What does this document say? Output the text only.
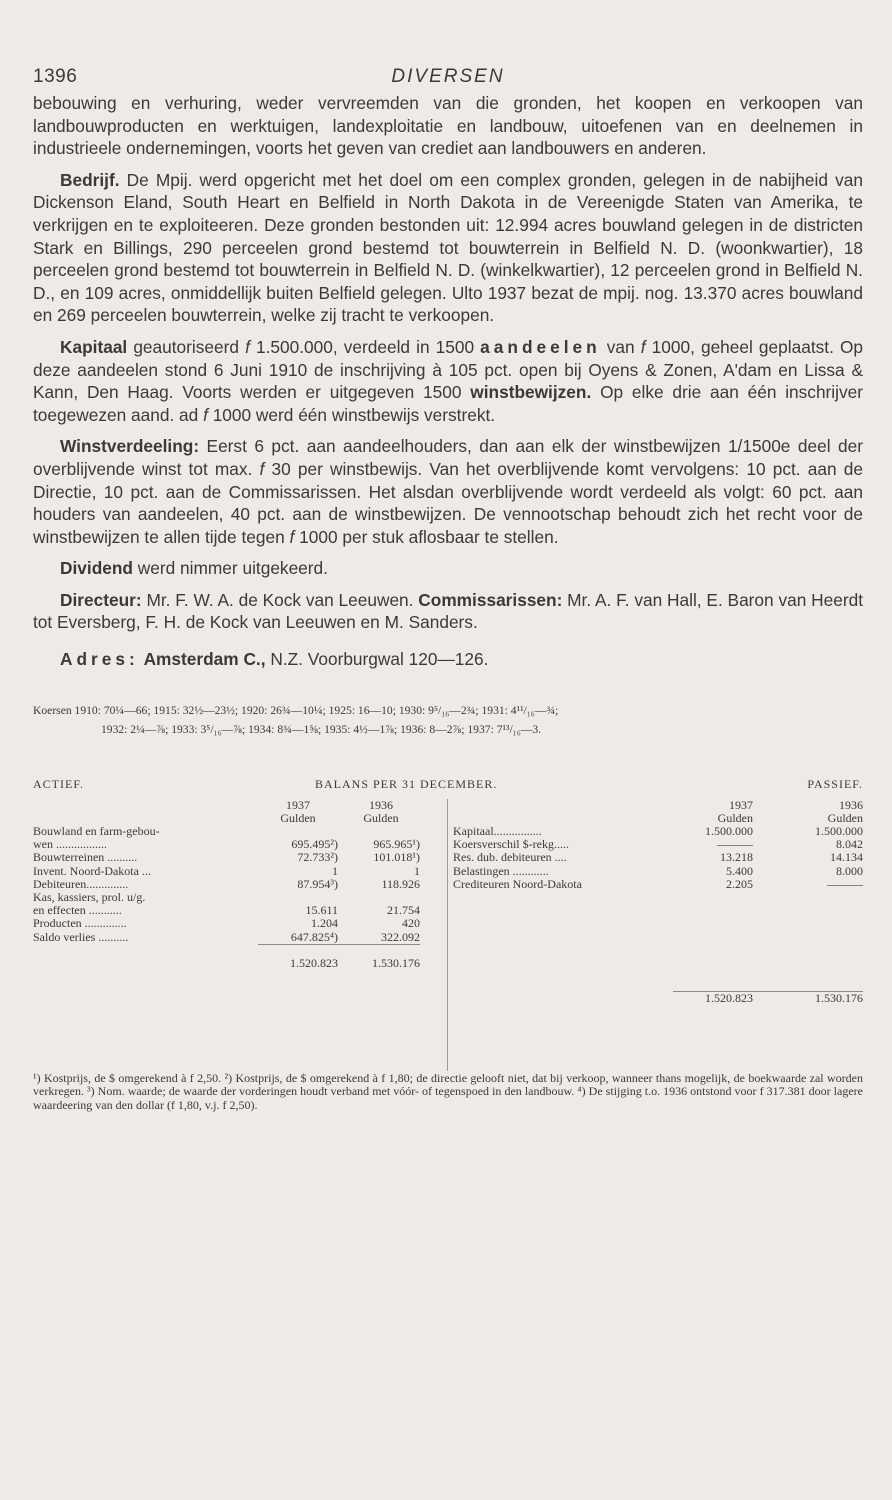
1396	DIVERSEN

bebouwing en verhuring, weder vervreemden van die gronden, het koopen en verkoopen van landbouwproducten en werktuigen, landexploitatie en landbouw, uitoefenen van en deelnemen in industrieele ondernemingen, voorts het geven van crediet aan landbouwers en anderen.

Bedrijf. De Mpij. werd opgericht met het doel om een complex gronden, gelegen in de nabijheid van Dickenson Eland, South Heart en Belfield in North Dakota in de Vereenigde Staten van Amerika, te verkrijgen en te exploiteeren. Deze gronden bestonden uit: 12.994 acres bouwland gelegen in de districten Stark en Billings, 290 perceelen grond bestemd tot bouwterrein in Belfield N. D. (woonkwartier), 18 perceelen grond bestemd tot bouwterrein in Belfield N. D. (winkelkwartier), 12 perceelen grond in Belfield N. D., en 109 acres, onmiddellijk buiten Belfield gelegen. Ulto 1937 bezat de mpij. nog. 13.370 acres bouwland en 269 perceelen bouwterrein, welke zij tracht te verkoopen.

Kapitaal geautoriseerd f 1.500.000, verdeeld in 1500 aandeelen van f 1000, geheel geplaatst. Op deze aandeelen stond 6 Juni 1910 de inschrijving à 105 pct. open bij Oyens & Zonen, A'dam en Lissa & Kann, Den Haag. Voorts werden er uitgegeven 1500 winstbewijzen. Op elke drie aan één inschrijver toegewezen aand. ad f 1000 werd één winstbewijs verstrekt.

Winstverdeeling: Eerst 6 pct. aan aandeelhouders, dan aan elk der winstbewijzen 1/1500e deel der overblijvende winst tot max. f 30 per winstbewijs. Van het overblijvende komt vervolgens: 10 pct. aan de Directie, 10 pct. aan de Commissarissen. Het alsdan overblijvende wordt verdeeld als volgt: 60 pct. aan houders van aandeelen, 40 pct. aan de winstbewijzen. De vennootschap behoudt zich het recht voor de winstbewijzen te allen tijde tegen f 1000 per stuk aflosbaar te stellen.

Dividend werd nimmer uitgekeerd.

Directeur: Mr. F. W. A. de Kock van Leeuwen. Commissarissen: Mr. A. F. van Hall, E. Baron van Heerdt tot Eversberg, F. H. de Kock van Leeuwen en M. Sanders.

Adres: Amsterdam C., N.Z. Voorburgwal 120—126.

Koersen 1910: 70¼—66; 1915: 32½—23½; 1920: 26¾—10¼; 1925: 16—10; 1930: 9⁵/₁₆—2¾; 1931: 4¹¹/₁₆—¾;
1932: 2¼—⅞; 1933: 3⁵/₁₆—⅞; 1934: 8¾—1⅝; 1935: 4½—1⅞; 1936: 8—2⅞; 1937: 7¹³/₁₆—3.
ACTIEF.	BALANS PER 31 DECEMBER.	PASSIEF.
	1937	1936
	Gulden	Gulden
Bouwland en farm-gebou-		
wen .................	695.495²)	965.965¹)
Bouwterreinen ..........	72.733²)	101.018¹)
Invent. Noord-Dakota ...	1	1
Debiteuren..............	87.954³)	118.926
Kas, kassiers, prol. u/g.		
en effecten ...........	15.611	21.754
Producten ..............	1.204	420
Saldo verlies ..........	647.825⁴)	322.092
	1.520.823	1.530.176
	1937	1936
	Gulden	Gulden
Kapitaal................	1.500.000	1.500.000
Koersverschil $-rekg.....	———	8.042
Res. dub. debiteuren ....	13.218	14.134
Belastingen ............	5.400	8.000
Crediteuren Noord-Dakota	2.205	———

	1.520.823	1.530.176
¹) Kostprijs, de $ omgerekend à f 2,50. ²) Kostprijs, de $ omgerekend à f 1,80; de directie gelooft niet, dat bij verkoop, wanneer thans mogelijk, de boekwaarde zal worden verkregen. ³) Nom. waarde; de waarde der vorderingen houdt verband met vóór- of tegenspoed in den landbouw. ⁴) De stijging t.o. 1936 ontstond voor f 317.381 door lagere waardeering van den dollar (f 1,80, v.j. f 2,50).
